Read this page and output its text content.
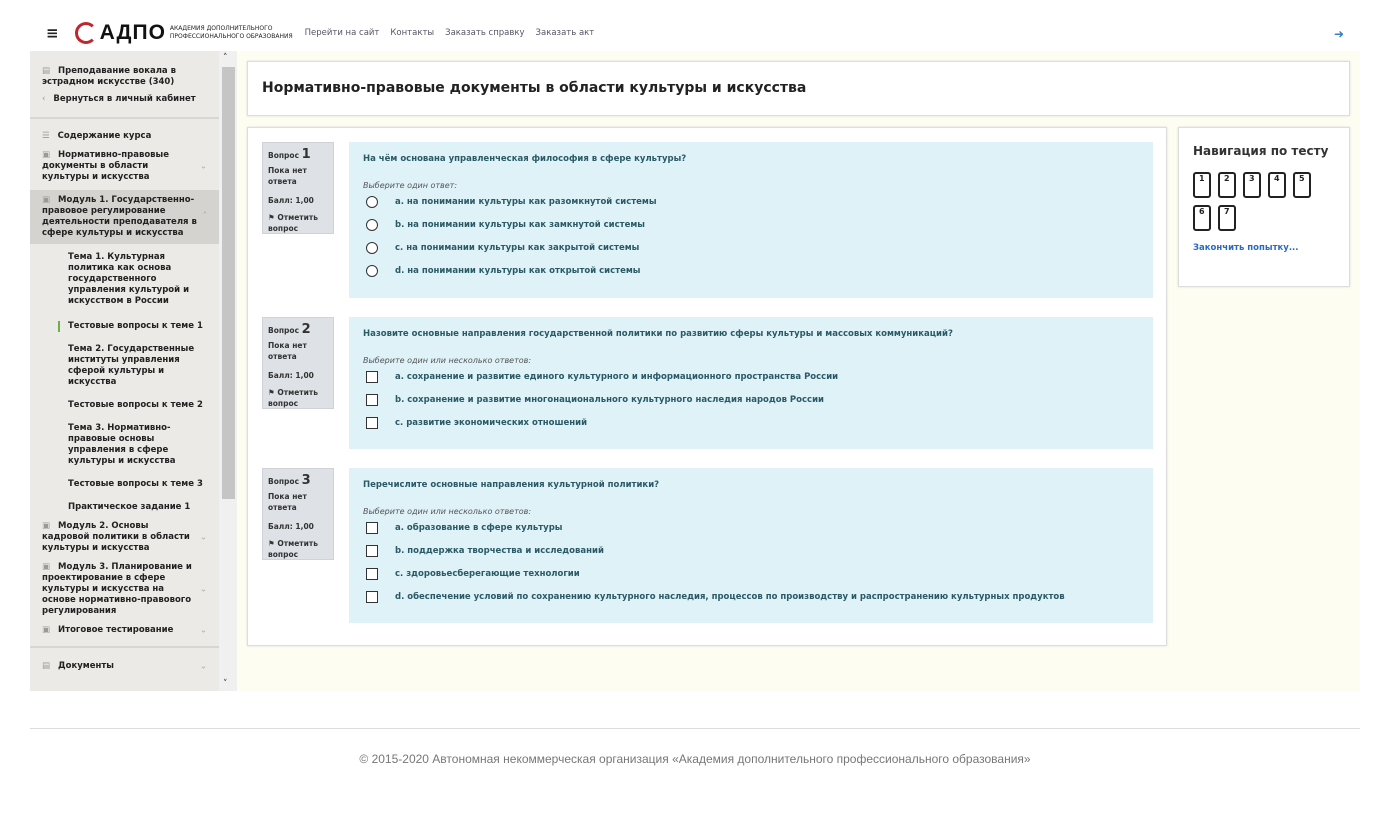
≡ АДПО АКАДЕМИЯ ДОПОЛНИТЕЛЬНОГО
ПРОФЕССИОНАЛЬНОГО ОБРАЗОВАНИЯ Перейти на сайт Контакты Заказать справку Заказать акт	➜
▤ Преподавание вокала в эстрадном искусстве (340)
‹ Вернуться в личный кабинет
☰ Содержание курса
▣ Нормативно-правовые документы в области культуры и искусства
⌄
▣ Модуль 1. Государственно-правовое регулирование деятельности преподавателя в сфере культуры и искусства
˄
Тема 1. Культурная политика как основа государственного управления культурой и искусством в России
Тестовые вопросы к теме 1
Тема 2. Государственные институты управления сферой культуры и искусства
Тестовые вопросы к теме 2
Тема 3. Нормативно-правовые основы управления в сфере культуры и искусства
Тестовые вопросы к теме 3
Практическое задание 1
▣ Модуль 2. Основы кадровой политики в области культуры и искусства
⌄
▣ Модуль 3. Планирование и проектирование в сфере культуры и искусства на основе нормативно-правового регулирования
⌄
▣ Итоговое тестирование	⌄
▤ Документы	⌄
˄
˅
Нормативно-правовые документы в области культуры и искусства
Вопрос 1
Пока нет ответа
Балл: 1,00
⚑ Отметить вопрос
На чём основана управленческая философия в сфере культуры?
Выберите один ответ:
a. на понимании культуры как разомкнутой системы
b. на понимании культуры как замкнутой системы
c. на понимании культуры как закрытой системы
d. на понимании культуры как открытой системы
Вопрос 2
Пока нет ответа
Балл: 1,00
⚑ Отметить вопрос
Назовите основные направления государственной политики по развитию сферы культуры и массовых коммуникаций?
Выберите один или несколько ответов:
a. сохранение и развитие единого культурного и информационного пространства России
b. сохранение и развитие многонационального культурного наследия народов России
c. развитие экономических отношений
Вопрос 3
Пока нет ответа
Балл: 1,00
⚑ Отметить вопрос
Перечислите основные направления культурной политики?
Выберите один или несколько ответов:
a. образование в сфере культуры
b. поддержка творчества и исследований
c. здоровьесберегающие технологии
d. обеспечение условий по сохранению культурного наследия, процессов по производству и распространению культурных продуктов
Навигация по тесту
1	2	3	4	5
6	7
Закончить попытку...
© 2015-2020 Автономная некоммерческая организация «Академия дополнительного профессионального образования»
